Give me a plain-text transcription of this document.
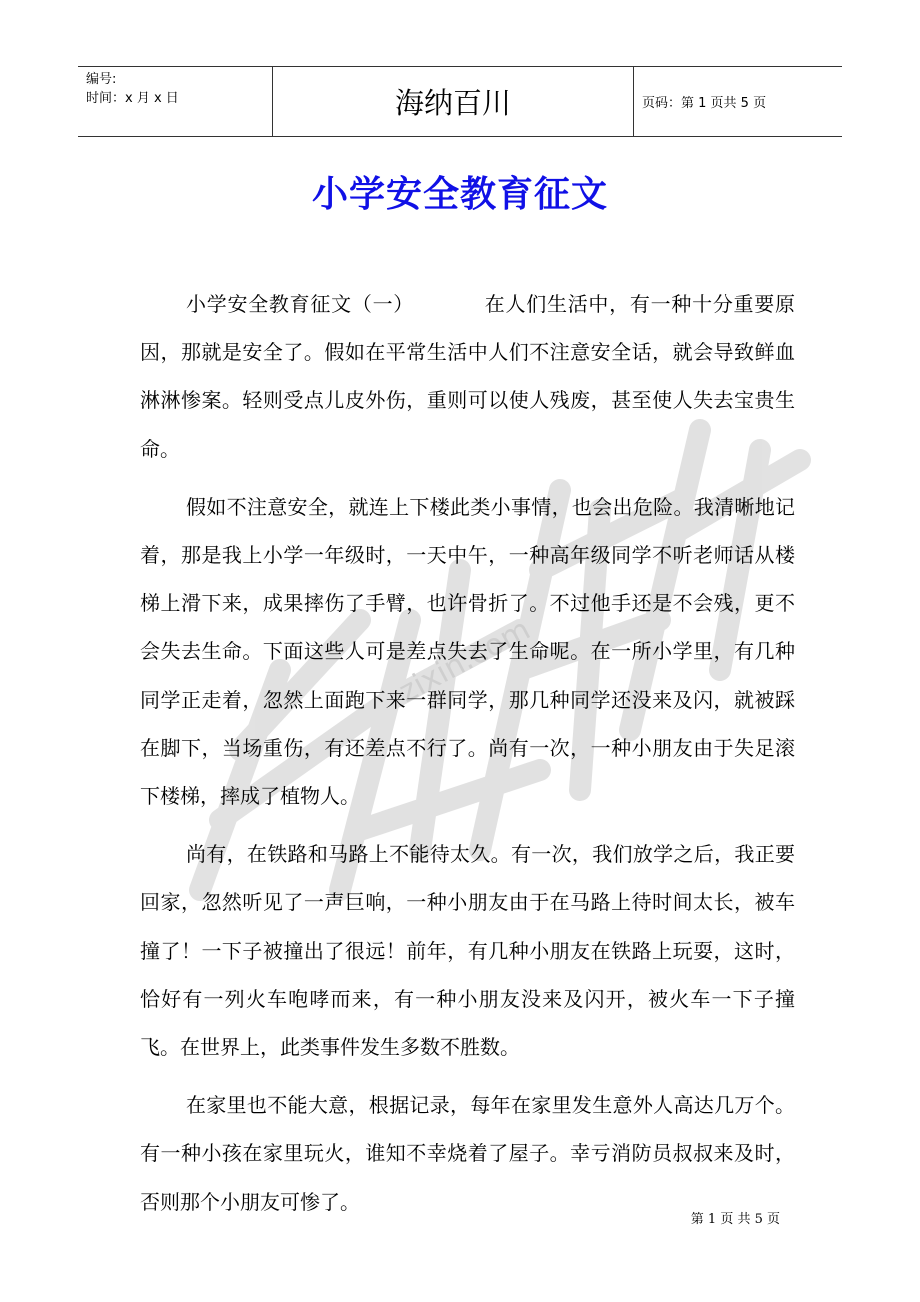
编号:
时间：x 月 x 日	海纳百川	页码：第 1 页共 5 页
小学安全教育征文
zixin.com

小学安全教育征文（一）	在人们生活中，有一种十分重要原因，那就是安全了。假如在平常生活中人们不注意安全话，就会导致鲜血淋淋惨案。轻则受点儿皮外伤，重则可以使人残废，甚至使人失去宝贵生命。

假如不注意安全，就连上下楼此类小事情，也会出危险。我清晰地记着，那是我上小学一年级时，一天中午，一种高年级同学不听老师话从楼梯上滑下来，成果摔伤了手臂，也许骨折了。不过他手还是不会残，更不会失去生命。下面这些人可是差点失去了生命呢。在一所小学里，有几种同学正走着，忽然上面跑下来一群同学，那几种同学还没来及闪，就被踩在脚下，当场重伤，有还差点不行了。尚有一次，一种小朋友由于失足滚下楼梯，摔成了植物人。

尚有，在铁路和马路上不能待太久。有一次，我们放学之后，我正要回家，忽然听见了一声巨响，一种小朋友由于在马路上待时间太长，被车撞了！一下子被撞出了很远！前年，有几种小朋友在铁路上玩耍，这时，恰好有一列火车咆哮而来，有一种小朋友没来及闪开，被火车一下子撞飞。在世界上，此类事件发生多数不胜数。

在家里也不能大意，根据记录，每年在家里发生意外人高达几万个。有一种小孩在家里玩火，谁知不幸烧着了屋子。幸亏消防员叔叔来及时，否则那个小朋友可惨了。

第 1 页 共 5 页
